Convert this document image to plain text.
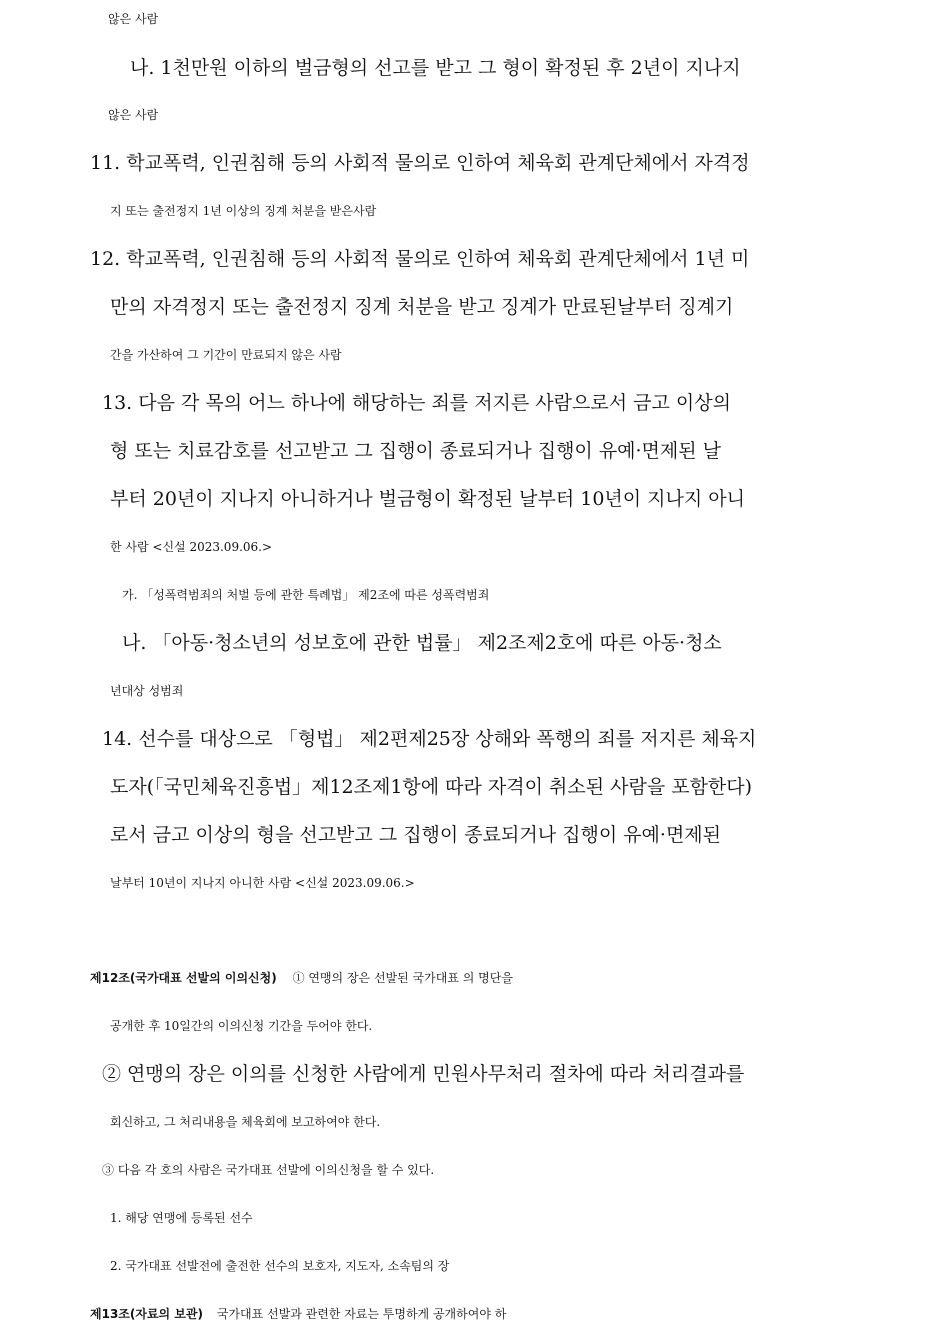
않은 사람
나. 1천만원 이하의 벌금형의 선고를 받고 그 형이 확정된 후 2년이 지나지
않은 사람
11. 학교폭력, 인권침해 등의 사회적 물의로 인하여 체육회 관계단체에서 자격정
지 또는 출전정지 1년 이상의 징계 처분을 받은사람
12. 학교폭력, 인권침해 등의 사회적 물의로 인하여 체육회 관계단체에서 1년 미
만의 자격정지 또는 출전정지 징계 처분을 받고 징계가 만료된날부터 징계기
간을 가산하여 그 기간이 만료되지 않은 사람
13. 다음 각 목의 어느 하나에 해당하는 죄를 저지른 사람으로서 금고 이상의
형 또는 치료감호를 선고받고 그 집행이 종료되거나 집행이 유예·면제된 날
부터 20년이 지나지 아니하거나 벌금형이 확정된 날부터 10년이 지나지 아니
한 사람 <신설 2023.09.06.>
가. 「성폭력범죄의 처벌 등에 관한 특례법」 제2조에 따른 성폭력범죄
나. 「아동·청소년의 성보호에 관한 법률」 제2조제2호에 따른 아동·청소
년대상 성범죄
14. 선수를 대상으로 「형법」 제2편제25장 상해와 폭행의 죄를 저지른 체육지
도자(「국민체육진흥법」제12조제1항에 따라 자격이 취소된 사람을 포함한다)
로서 금고 이상의 형을 선고받고 그 집행이 종료되거나 집행이 유예·면제된
날부터 10년이 지나지 아니한 사람 <신설 2023.09.06.>
제12조(국가대표 선발의 이의신청) ① 연맹의 장은 선발된 국가대표 의 명단을
공개한 후 10일간의 이의신청 기간을 두어야 한다.
② 연맹의 장은 이의를 신청한 사람에게 민원사무처리 절차에 따라 처리결과를
회신하고, 그 처리내용을 체육회에 보고하여야 한다.
③ 다음 각 호의 사람은 국가대표 선발에 이의신청을 할 수 있다.
1. 해당 연맹에 등록된 선수
2. 국가대표 선발전에 출전한 선수의 보호자, 지도자, 소속팀의 장
제13조(자료의 보관) 국가대표 선발과 관련한 자료는 투명하게 공개하여야 하
